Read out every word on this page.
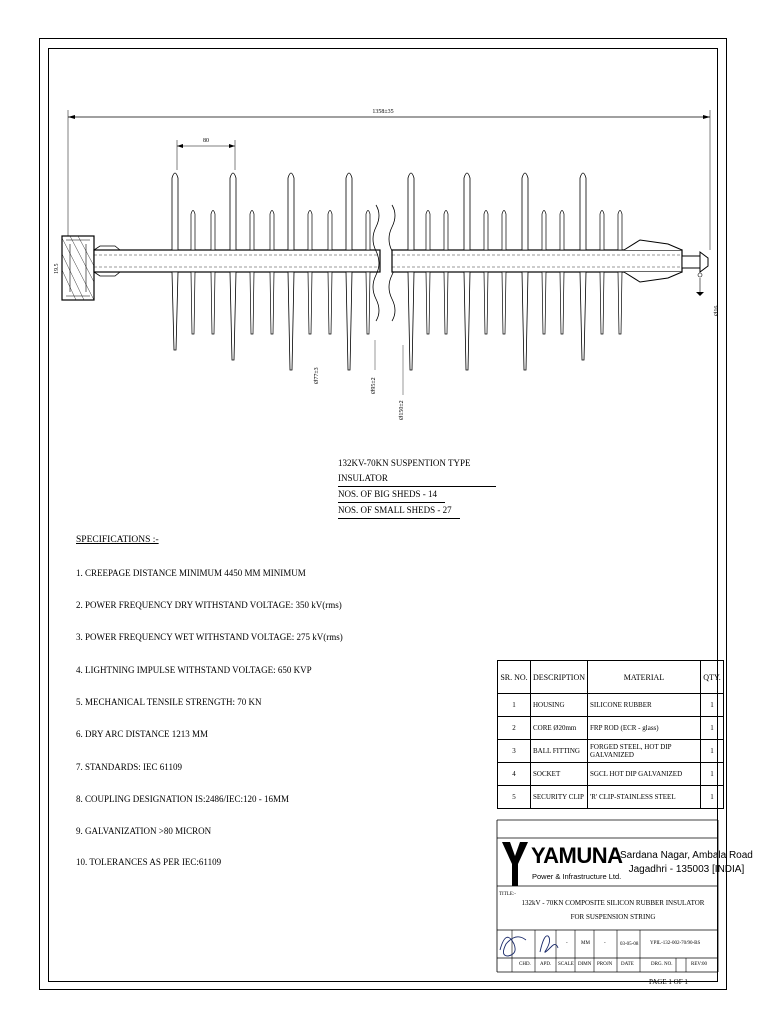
1358±35
80
19.5
Ø16
Ø77±3
Ø95±2
Ø150±2
132KV-70KN SUSPENTION TYPE INSULATOR
NOS. OF BIG SHEDS - 14
NOS. OF SMALL SHEDS - 27
SPECIFICATIONS :-
1. CREEPAGE DISTANCE MINIMUM 4450 MM MINIMUM
2. POWER FREQUENCY DRY WITHSTAND VOLTAGE: 350 kV(rms)
3. POWER FREQUENCY WET WITHSTAND VOLTAGE: 275 kV(rms)
4. LIGHTNING IMPULSE WITHSTAND VOLTAGE: 650 KVP
5. MECHANICAL TENSILE STRENGTH: 70 KN
6. DRY ARC DISTANCE 1213 MM
7. STANDARDS: IEC 61109
8. COUPLING DESIGNATION IS:2486/IEC:120 - 16MM
9. GALVANIZATION >80 MICRON
10. TOLERANCES AS PER IEC:61109
SR. NO.	DESCRIPTION	MATERIAL	QTY.
1	HOUSING	SILICONE RUBBER	1
2	CORE Ø20mm	FRP ROD (ECR - glass)	1
3	BALL FITTING	FORGED STEEL, HOT DIP GALVANIZED	1
4	SOCKET	SGCL HOT DIP GALVANIZED	1
5	SECURITY CLIP	'R' CLIP-STAINLESS STEEL	1
YAMUNA
Power & Infrastructure Ltd.
Sardana Nagar, Ambala Road
Jagadhri - 135003 [INDIA]
TITLE:-
132kV - 70KN COMPOSITE SILICON RUBBER INSULATOR
FOR SUSPENSION STRING
-	MM	-	03-05-08 YPIL-132-002-70/90-BS
CHD. APD. SCALE DIMN PROJN DATE	DRG. NO.	REV:00
PAGE 1 OF 1
